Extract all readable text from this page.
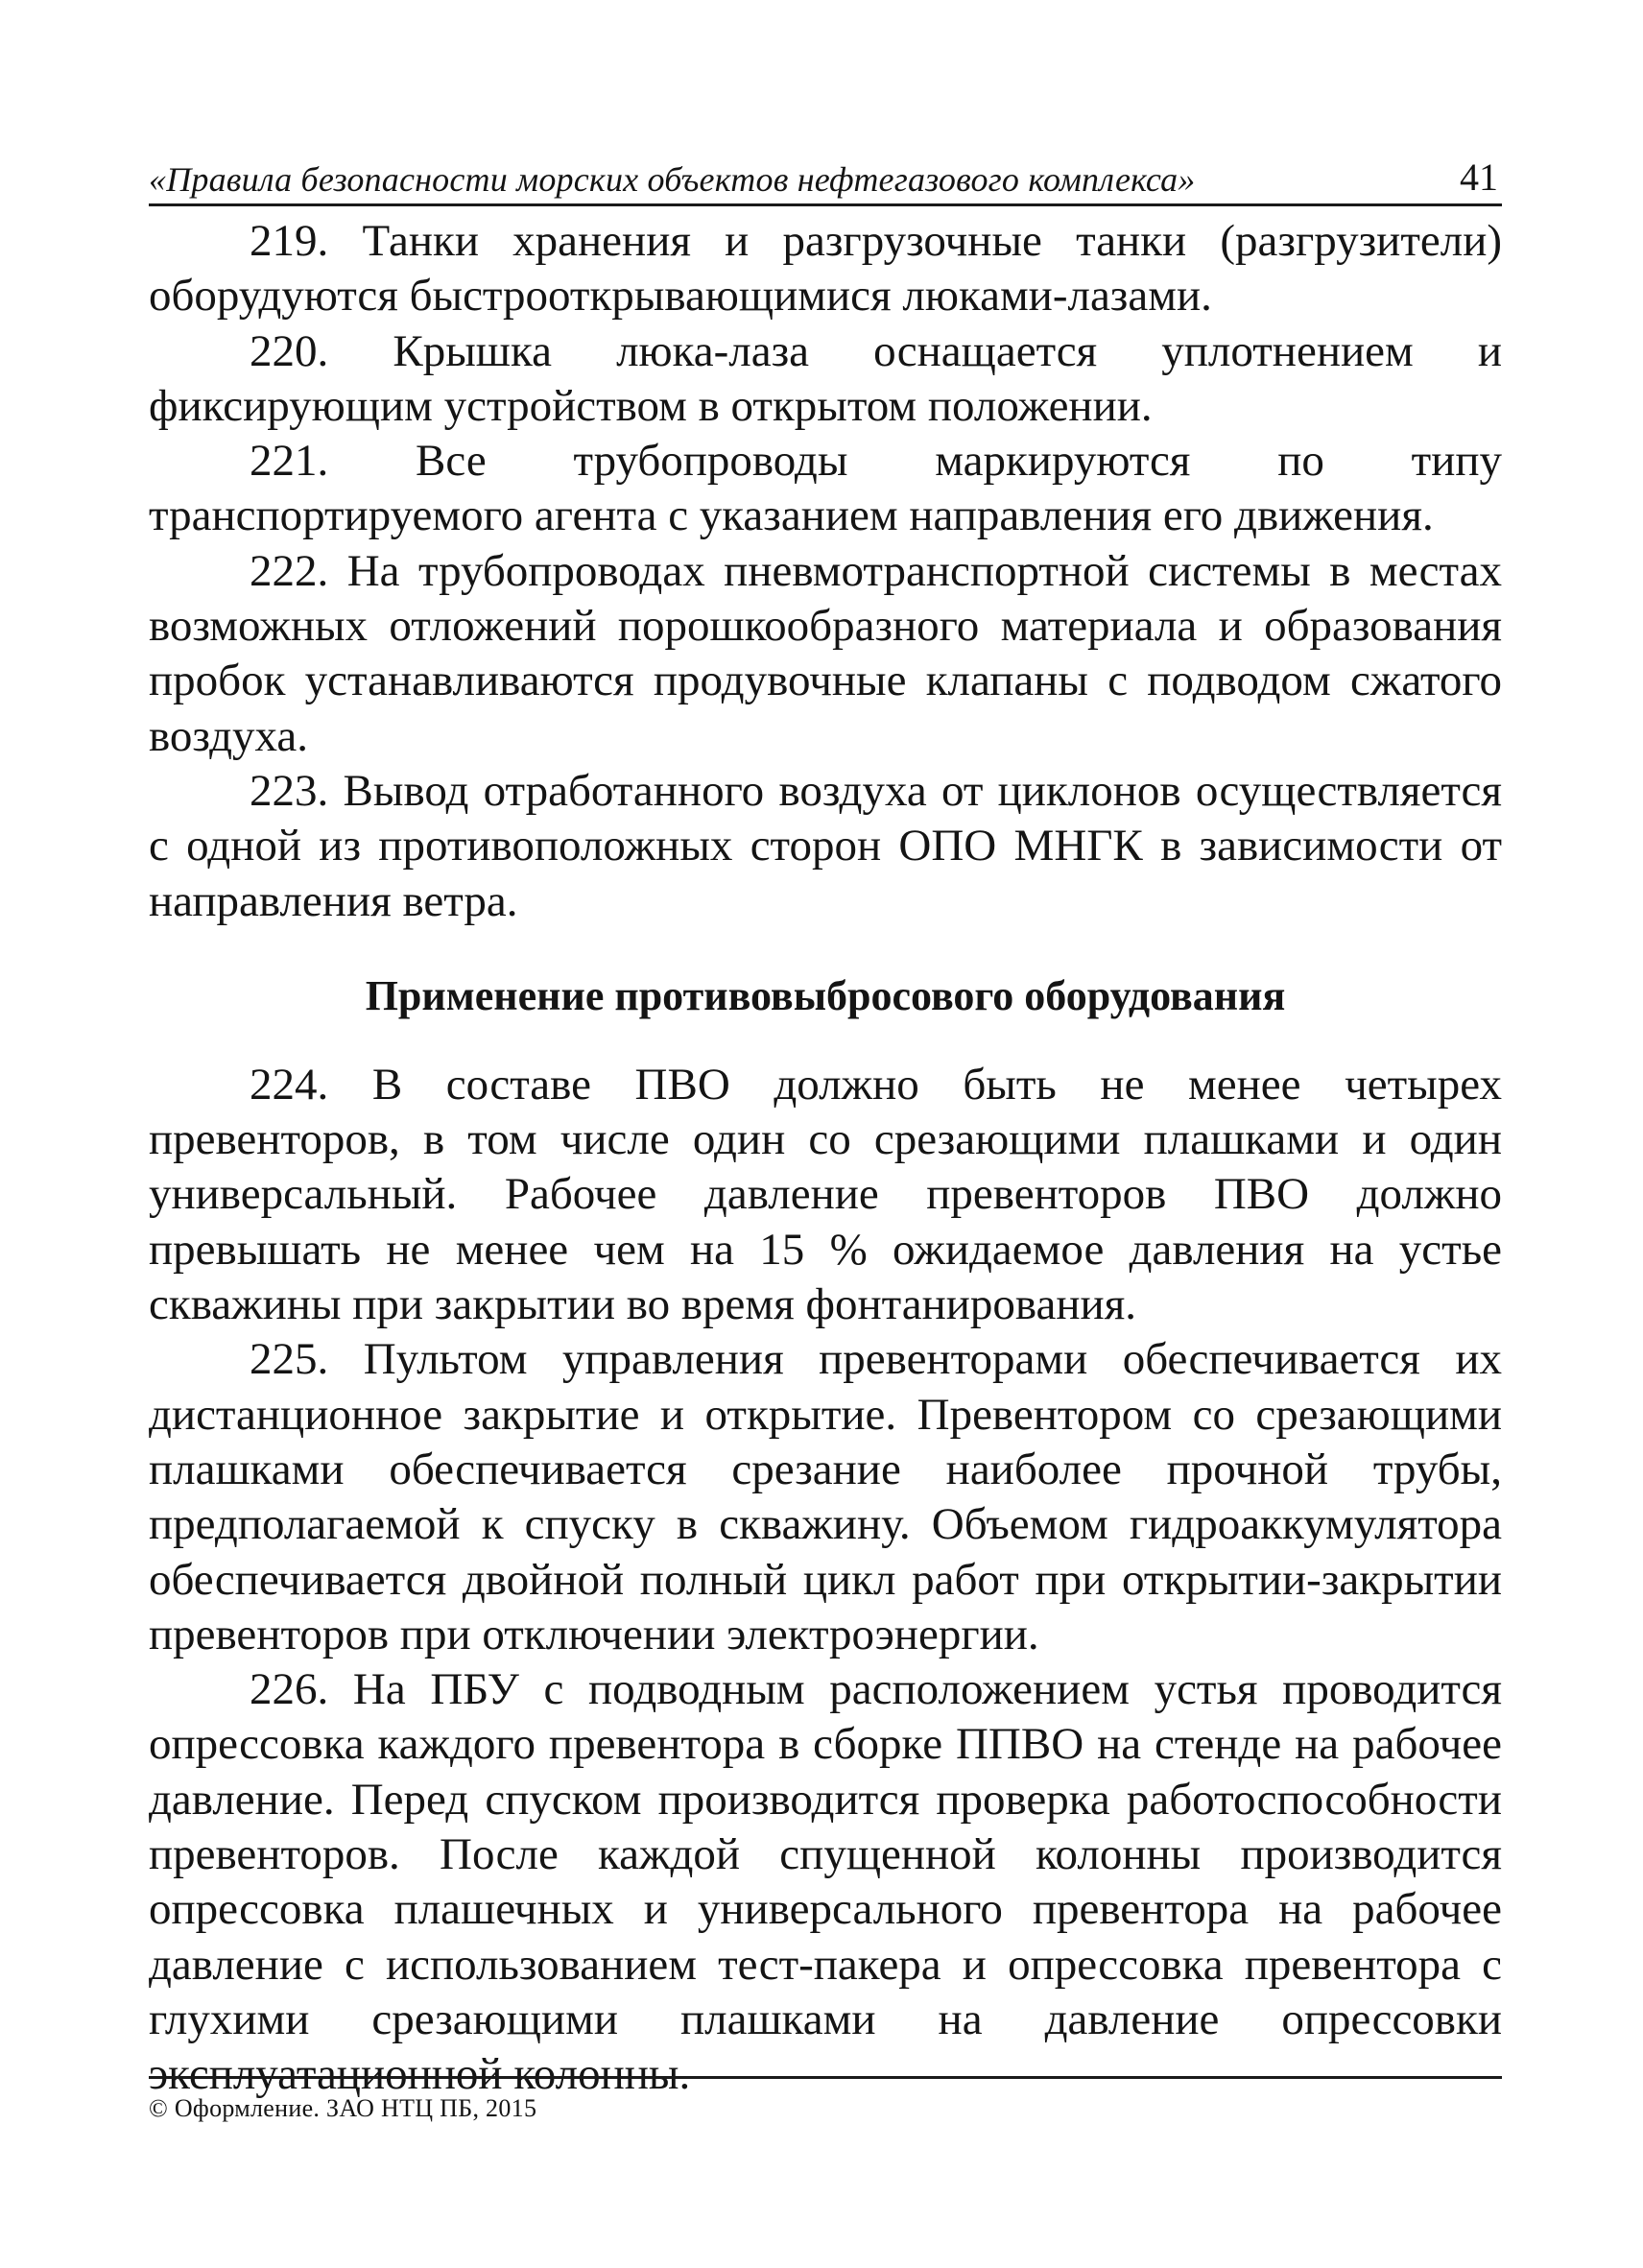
«Правила безопасности морских объектов нефтегазового комплекса»	41

219. Танки хранения и разгрузочные танки (разгрузители) оборудуются быстрооткрывающимися люками-лазами.

220. Крышка люка-лаза оснащается уплотнением и фиксирующим устройством в открытом положении.

221. Все трубопроводы маркируются по типу транспортируемого агента с указанием направления его движения.

222. На трубопроводах пневмотранспортной системы в местах возможных отложений порошкообразного материала и образования пробок устанавливаются продувочные клапаны с подводом сжатого воздуха.

223. Вывод отработанного воздуха от циклонов осуществляется с одной из противоположных сторон ОПО МНГК в зависимости от направления ветра.

Применение противовыбросового оборудования

224. В составе ПВО должно быть не менее четырех превенторов, в том числе один со срезающими плашками и один универсальный. Рабочее давление превенторов ПВО должно превышать не менее чем на 15 % ожидаемое давления на устье скважины при закрытии во время фонтанирования.

225. Пультом управления превенторами обеспечивается их дистанционное закрытие и открытие. Превентором со срезающими плашками обеспечивается срезание наиболее прочной трубы, предполагаемой к спуску в скважину. Объемом гидроаккумулятора обеспечивается двойной полный цикл работ при открытии-закрытии превенторов при отключении электроэнергии.

226. На ПБУ с подводным расположением устья проводится опрессовка каждого превентора в сборке ППВО на стенде на рабочее давление. Перед спуском производится проверка работоспособности превенторов. После каждой спущенной колонны производится опрессовка плашечных и универсального превентора на рабочее давление с использованием тест-пакера и опрессовка превентора с глухими срезающими плашками на давление опрессовки эксплуатационной колонны.

© Оформление. ЗАО НТЦ ПБ, 2015
